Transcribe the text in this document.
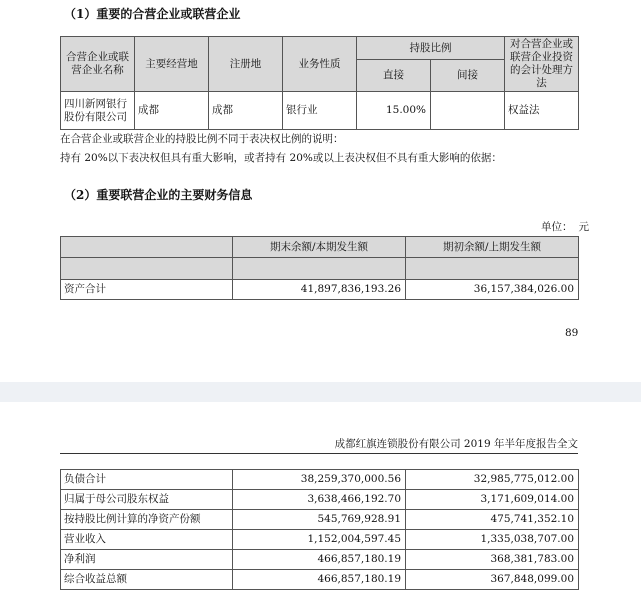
（1）重要的合营企业或联营企业
合营企业或联营企业名称	主要经营地	注册地	业务性质	持股比例		对合营企业或联营企业投资的会计处理方法
				直接	间接	
四川新网银行股份有限公司	成都	成都	银行业	15.00%		权益法
在合营企业或联营企业的持股比例不同于表决权比例的说明：
持有 20%以下表决权但具有重大影响，或者持有 20%或以上表决权但不具有重大影响的依据：
（2）重要联营企业的主要财务信息
单位： 元
	期末余额/本期发生额	期初余额/上期发生额

资产合计	41,897,836,193.26	36,157,384,026.00
89
成都红旗连锁股份有限公司 2019 年半年度报告全文
负债合计	38,259,370,000.56	32,985,775,012.00
归属于母公司股东权益	3,638,466,192.70	3,171,609,014.00
按持股比例计算的净资产份额	545,769,928.91	475,741,352.10
营业收入	1,152,004,597.45	1,335,038,707.00
净利润	466,857,180.19	368,381,783.00
综合收益总额	466,857,180.19	367,848,099.00
